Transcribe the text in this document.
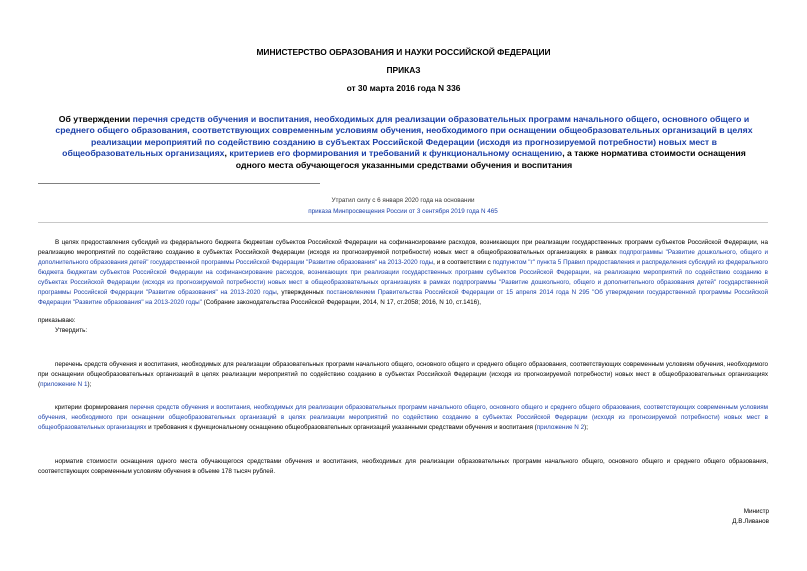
МИНИСТЕРСТВО ОБРАЗОВАНИЯ И НАУКИ РОССИЙСКОЙ ФЕДЕРАЦИИ
ПРИКАЗ
от 30 марта 2016 года N 336
Об утверждении перечня средств обучения и воспитания, необходимых для реализации образовательных программ начального общего, основного общего и среднего общего образования, соответствующих современным условиям обучения, необходимого при оснащении общеобразовательных организаций в целях реализации мероприятий по содействию созданию в субъектах Российской Федерации (исходя из прогнозируемой потребности) новых мест в общеобразовательных организациях, критериев его формирования и требований к функциональному оснащению, а также норматива стоимости оснащения одного места обучающегося указанными средствами обучения и воспитания
Утратил силу с 6 января 2020 года на основании
приказа Минпросвещения России от 3 сентября 2019 года N 465
В целях предоставления субсидий из федерального бюджета бюджетам субъектов Российской Федерации на софинансирование расходов, возникающих при реализации государственных программ субъектов Российской Федерации, на реализацию мероприятий по содействию созданию в субъектах Российской Федерации (исходя из прогнозируемой потребности) новых мест в общеобразовательных организациях в рамках подпрограммы "Развитие дошкольного, общего и дополнительного образования детей" государственной программы Российской Федерации "Развитие образования" на 2013-2020 годы, и в соответствии с подпунктом "г" пункта 5 Правил предоставления и распределения субсидий из федерального бюджета бюджетам субъектов Российской Федерации на софинансирование расходов, возникающих при реализации государственных программ субъектов Российской Федерации, на реализацию мероприятий по содействию созданию в субъектах Российской Федерации (исходя из прогнозируемой потребности) новых мест в общеобразовательных организациях в рамках подпрограммы "Развитие дошкольного, общего и дополнительного образования детей" государственной программы Российской Федерации "Развитие образования" на 2013-2020 годы, утвержденных постановлением Правительства Российской Федерации от 15 апреля 2014 года N 295 "Об утверждении государственной программы Российской Федерации "Развитие образования" на 2013-2020 годы" (Собрание законодательства Российской Федерации, 2014, N 17, ст.2058; 2016, N 10, ст.1416),
приказываю:
Утвердить:
перечень средств обучения и воспитания, необходимых для реализации образовательных программ начального общего, основного общего и среднего общего образования, соответствующих современным условиям обучения, необходимого при оснащении общеобразовательных организаций в целях реализации мероприятий по содействию созданию в субъектах Российской Федерации (исходя из прогнозируемой потребности) новых мест в общеобразовательных организациях (приложение N 1);
критерии формирования перечня средств обучения и воспитания, необходимых для реализации образовательных программ начального общего, основного общего и среднего общего образования, соответствующих современным условиям обучения, необходимого при оснащении общеобразовательных организаций в целях реализации мероприятий по содействию созданию в субъектах Российской Федерации (исходя из прогнозируемой потребности) новых мест в общеобразовательных организациях и требования к функциональному оснащению общеобразовательных организаций указанными средствами обучения и воспитания (приложение N 2);
норматив стоимости оснащения одного места обучающегося средствами обучения и воспитания, необходимых для реализации образовательных программ начального общего, основного общего и среднего общего образования, соответствующих современным условиям обучения в объеме 178 тысяч рублей.
Министр
Д.В.Ливанов
